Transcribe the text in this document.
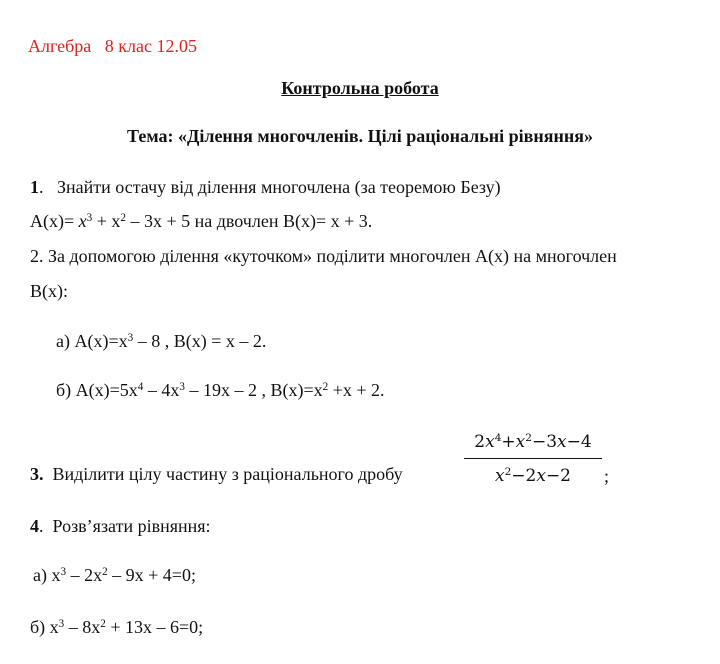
Алгебра 8 клас 12.05
Контрольна робота
Тема: «Ділення многочленів. Цілі раціональні рівняння»
1.   Знайти остачу від ділення многочлена (за теоремою Безу)
$A(x)= x^3 + x^2 - 3x + 5$ на двочлен В(х)= x + 3.
2. За допомогою ділення «куточком» поділити многочлен А(х) на многочлен
В(х):
а) $А(х)=х^3 - 8$ , В(х) = х – 2.
б) $А(х)=5х^4 - 4х^3 - 19х - 2$ , $В(х)=х^2 +х + 2$.
3. Виділити цілу частину з раціонального дробу
$2x^4+x^2-3x-4$
$x^2-2x-2$	;
4.  Розв’язати рівняння:
а) $х^3 - 2х^2 - 9х + 4=0$;
б) $х^3 - 8х^2 + 13х - 6=0$;
